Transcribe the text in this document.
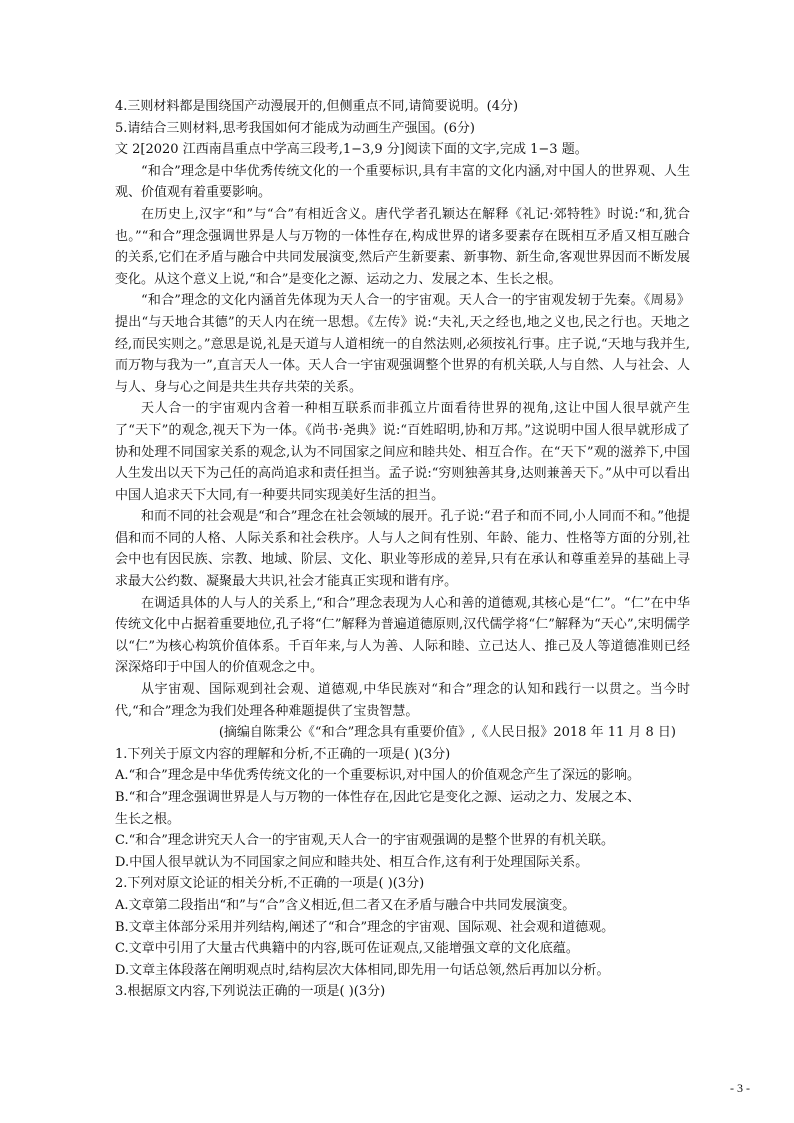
4.三则材料都是围绕国产动漫展开的,但侧重点不同,请简要说明。(4分)
5.请结合三则材料,思考我国如何才能成为动画生产强国。(6分)
文 2[2020 江西南昌重点中学高三段考,1−3,9 分]阅读下面的文字,完成 1−3 题。
“和合”理念是中华优秀传统文化的一个重要标识,具有丰富的文化内涵,对中国人的世界观、人生观、价值观有着重要影响。
在历史上,汉字“和”与“合”有相近含义。唐代学者孔颖达在解释《礼记·郊特牲》时说:“和,犹合也。”“和合”理念强调世界是人与万物的一体性存在,构成世界的诸多要素存在既相互矛盾又相互融合的关系,它们在矛盾与融合中共同发展演变,然后产生新要素、新事物、新生命,客观世界因而不断发展变化。从这个意义上说,“和合”是变化之源、运动之力、发展之本、生长之根。
“和合”理念的文化内涵首先体现为天人合一的宇宙观。天人合一的宇宙观发轫于先秦。《周易》提出“与天地合其德”的天人内在统一思想。《左传》说:“夫礼,天之经也,地之义也,民之行也。天地之经,而民实则之。”意思是说,礼是天道与人道相统一的自然法则,必须按礼行事。庄子说,“天地与我并生,而万物与我为一”,直言天人一体。天人合一宇宙观强调整个世界的有机关联,人与自然、人与社会、人与人、身与心之间是共生共存共荣的关系。
天人合一的宇宙观内含着一种相互联系而非孤立片面看待世界的视角,这让中国人很早就产生了“天下”的观念,视天下为一体。《尚书·尧典》说:“百姓昭明,协和万邦。”这说明中国人很早就形成了协和处理不同国家关系的观念,认为不同国家之间应和睦共处、相互合作。在“天下”观的滋养下,中国人生发出以天下为己任的高尚追求和责任担当。孟子说:“穷则独善其身,达则兼善天下。”从中可以看出中国人追求天下大同,有一种要共同实现美好生活的担当。
和而不同的社会观是“和合”理念在社会领域的展开。孔子说:“君子和而不同,小人同而不和。”他提倡和而不同的人格、人际关系和社会秩序。人与人之间有性别、年龄、能力、性格等方面的分别,社会中也有因民族、宗教、地域、阶层、文化、职业等形成的差异,只有在承认和尊重差异的基础上寻求最大公约数、凝聚最大共识,社会才能真正实现和谐有序。
在调适具体的人与人的关系上,“和合”理念表现为人心和善的道德观,其核心是“仁”。“仁”在中华传统文化中占据着重要地位,孔子将“仁”解释为普遍道德原则,汉代儒学将“仁”解释为“天心”,宋明儒学以“仁”为核心构筑价值体系。千百年来,与人为善、人际和睦、立己达人、推己及人等道德准则已经深深烙印于中国人的价值观念之中。
从宇宙观、国际观到社会观、道德观,中华民族对“和合”理念的认知和践行一以贯之。当今时代,“和合”理念为我们处理各种难题提供了宝贵智慧。
(摘编自陈秉公《“和合”理念具有重要价值》,《人民日报》2018 年 11 月 8 日)
1.下列关于原文内容的理解和分析,不正确的一项是( )(3分)
A.“和合”理念是中华优秀传统文化的一个重要标识,对中国人的价值观念产生了深远的影响。
B.“和合”理念强调世界是人与万物的一体性存在,因此它是变化之源、运动之力、发展之本、
生长之根。
C.“和合”理念讲究天人合一的宇宙观,天人合一的宇宙观强调的是整个世界的有机关联。
D.中国人很早就认为不同国家之间应和睦共处、相互合作,这有利于处理国际关系。
2.下列对原文论证的相关分析,不正确的一项是( )(3分)
A.文章第二段指出“和”与“合”含义相近,但二者又在矛盾与融合中共同发展演变。
B.文章主体部分采用并列结构,阐述了“和合”理念的宇宙观、国际观、社会观和道德观。
C.文章中引用了大量古代典籍中的内容,既可佐证观点,又能增强文章的文化底蕴。
D.文章主体段落在阐明观点时,结构层次大体相同,即先用一句话总领,然后再加以分析。
3.根据原文内容,下列说法正确的一项是( )(3分)
- 3 -
